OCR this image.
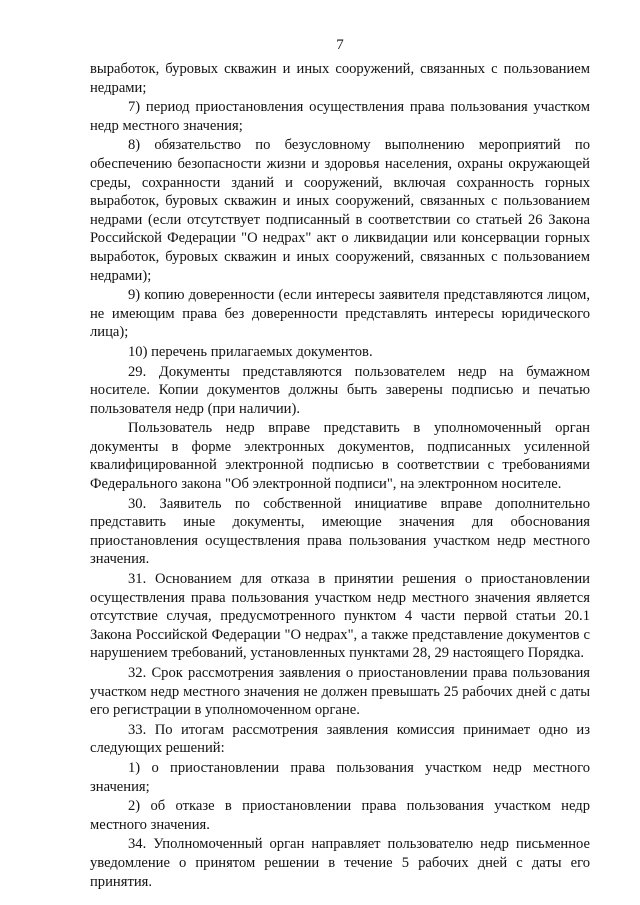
7

выработок, буровых скважин и иных сооружений, связанных с пользованием недрами;

7) период приостановления осуществления права пользования участком недр местного значения;

8) обязательство по безусловному выполнению мероприятий по обеспечению безопасности жизни и здоровья населения, охраны окружающей среды, сохранности зданий и сооружений, включая сохранность горных выработок, буровых скважин и иных сооружений, связанных с пользованием недрами (если отсутствует подписанный в соответствии со статьей 26 Закона Российской Федерации "О недрах" акт о ликвидации или консервации горных выработок, буровых скважин и иных сооружений, связанных с пользованием недрами);

9) копию доверенности (если интересы заявителя представляются лицом, не имеющим права без доверенности представлять интересы юридического лица);

10) перечень прилагаемых документов.

29. Документы представляются пользователем недр на бумажном носителе. Копии документов должны быть заверены подписью и печатью пользователя недр (при наличии).

Пользователь недр вправе представить в уполномоченный орган документы в форме электронных документов, подписанных усиленной квалифицированной электронной подписью в соответствии с требованиями Федерального закона "Об электронной подписи", на электронном носителе.

30. Заявитель по собственной инициативе вправе дополнительно представить иные документы, имеющие значения для обоснования приостановления осуществления права пользования участком недр местного значения.

31. Основанием для отказа в принятии решения о приостановлении осуществления права пользования участком недр местного значения является отсутствие случая, предусмотренного пунктом 4 части первой статьи 20.1 Закона Российской Федерации "О недрах", а также представление документов с нарушением требований, установленных пунктами 28, 29 настоящего Порядка.

32. Срок рассмотрения заявления о приостановлении права пользования участком недр местного значения не должен превышать 25 рабочих дней с даты его регистрации в уполномоченном органе.

33. По итогам рассмотрения заявления комиссия принимает одно из следующих решений:

1) о приостановлении права пользования участком недр местного значения;

2) об отказе в приостановлении права пользования участком недр местного значения.

34. Уполномоченный орган направляет пользователю недр письменное уведомление о принятом решении в течение 5 рабочих дней с даты его принятия.
